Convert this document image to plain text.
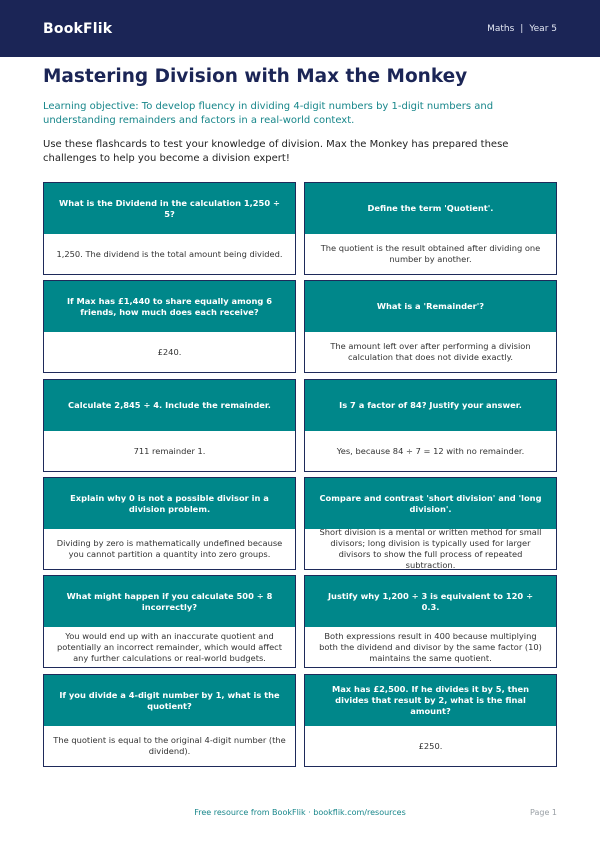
BookFlik	Maths | Year 5
Mastering Division with Max the Monkey

Learning objective: To develop fluency in dividing 4-digit numbers by 1-digit numbers and understanding remainders and factors in a real-world context.

Use these flashcards to test your knowledge of division. Max the Monkey has prepared these challenges to help you become a division expert!

What is the Dividend in the calculation 1,250 ÷ 5?
1,250. The dividend is the total amount being divided.
Define the term 'Quotient'.
The quotient is the result obtained after dividing one number by another.
If Max has £1,440 to share equally among 6 friends, how much does each receive?
£240.
What is a 'Remainder'?
The amount left over after performing a division calculation that does not divide exactly.
Calculate 2,845 ÷ 4. Include the remainder.
711 remainder 1.
Is 7 a factor of 84? Justify your answer.
Yes, because 84 ÷ 7 = 12 with no remainder.
Explain why 0 is not a possible divisor in a division problem.
Dividing by zero is mathematically undefined because you cannot partition a quantity into zero groups.
Compare and contrast 'short division' and 'long division'.
Short division is a mental or written method for small divisors; long division is typically used for larger divisors to show the full process of repeated subtraction.
What might happen if you calculate 500 ÷ 8 incorrectly?
You would end up with an inaccurate quotient and potentially an incorrect remainder, which would affect any further calculations or real-world budgets.
Justify why 1,200 ÷ 3 is equivalent to 120 ÷ 0.3.
Both expressions result in 400 because multiplying both the dividend and divisor by the same factor (10) maintains the same quotient.
If you divide a 4-digit number by 1, what is the quotient?
The quotient is equal to the original 4-digit number (the dividend).
Max has £2,500. If he divides it by 5, then divides that result by 2, what is the final amount?
£250.
Free resource from BookFlik · bookflik.com/resources	Page 1
